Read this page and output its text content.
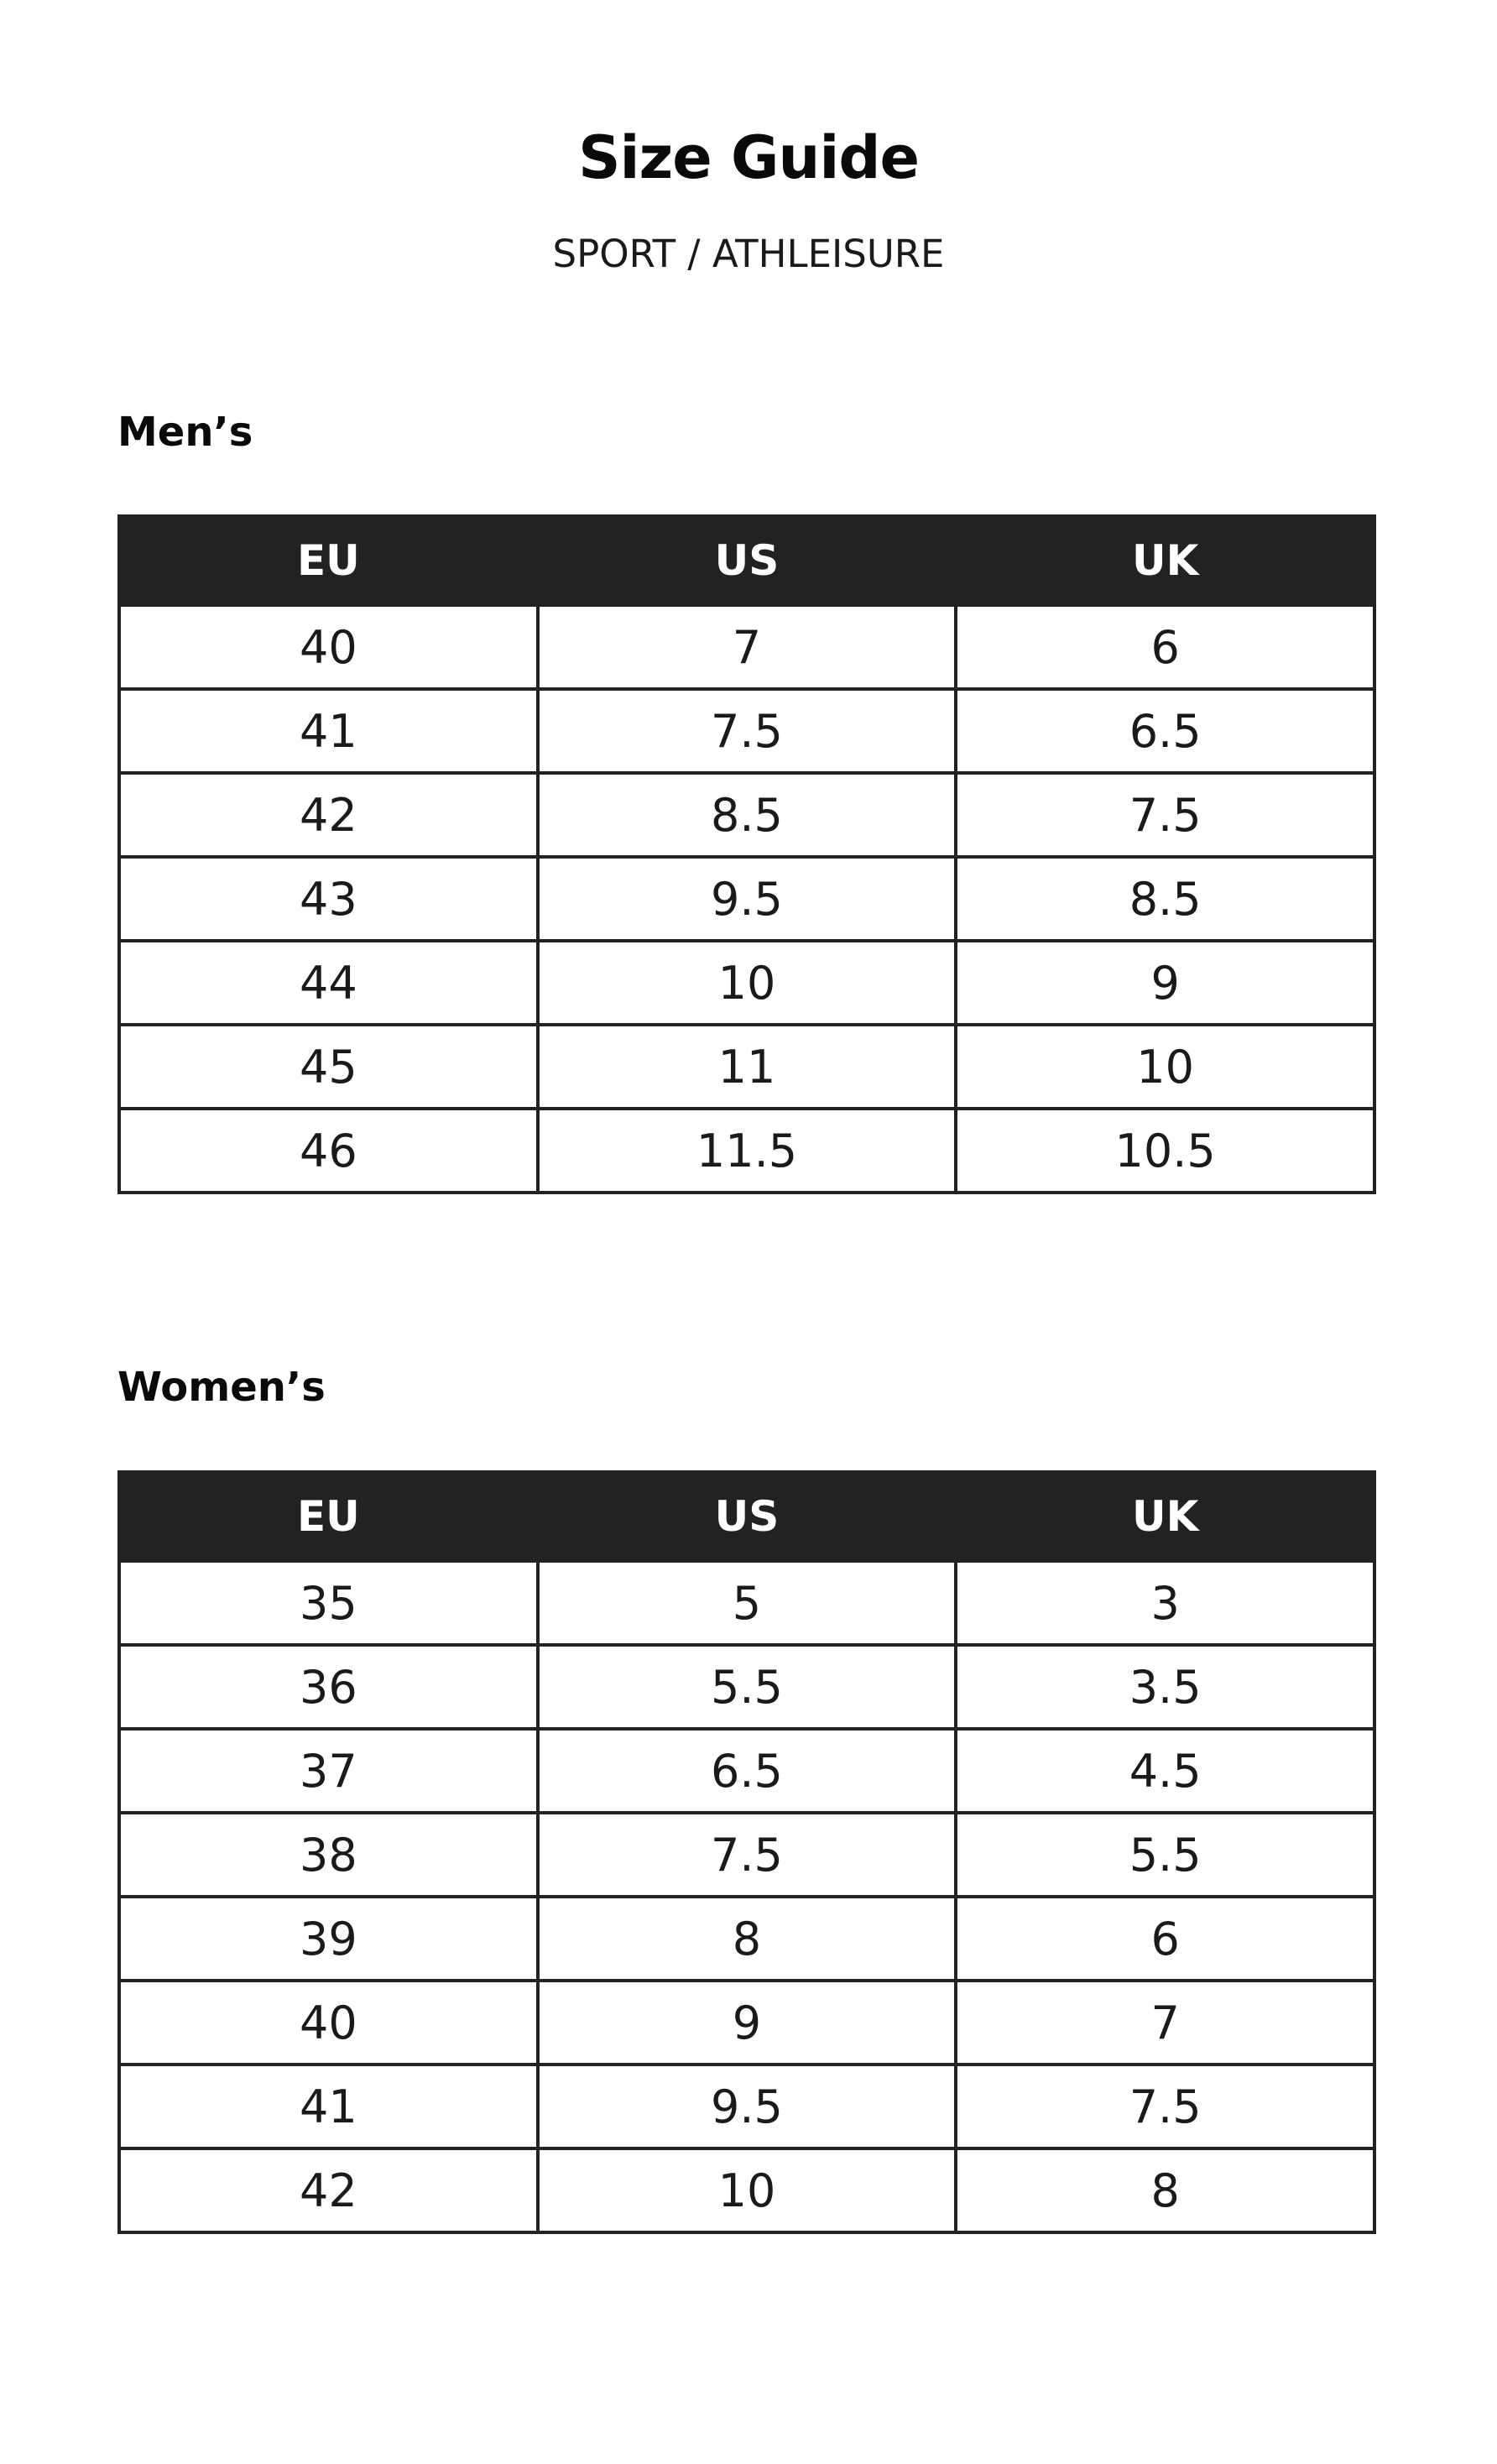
Size Guide
SPORT / ATHLEISURE
Men’s
EU	US	UK
40	7	6
41	7.5	6.5
42	8.5	7.5
43	9.5	8.5
44	10	9
45	11	10
46	11.5	10.5
Women’s
EU	US	UK
35	5	3
36	5.5	3.5
37	6.5	4.5
38	7.5	5.5
39	8	6
40	9	7
41	9.5	7.5
42	10	8
